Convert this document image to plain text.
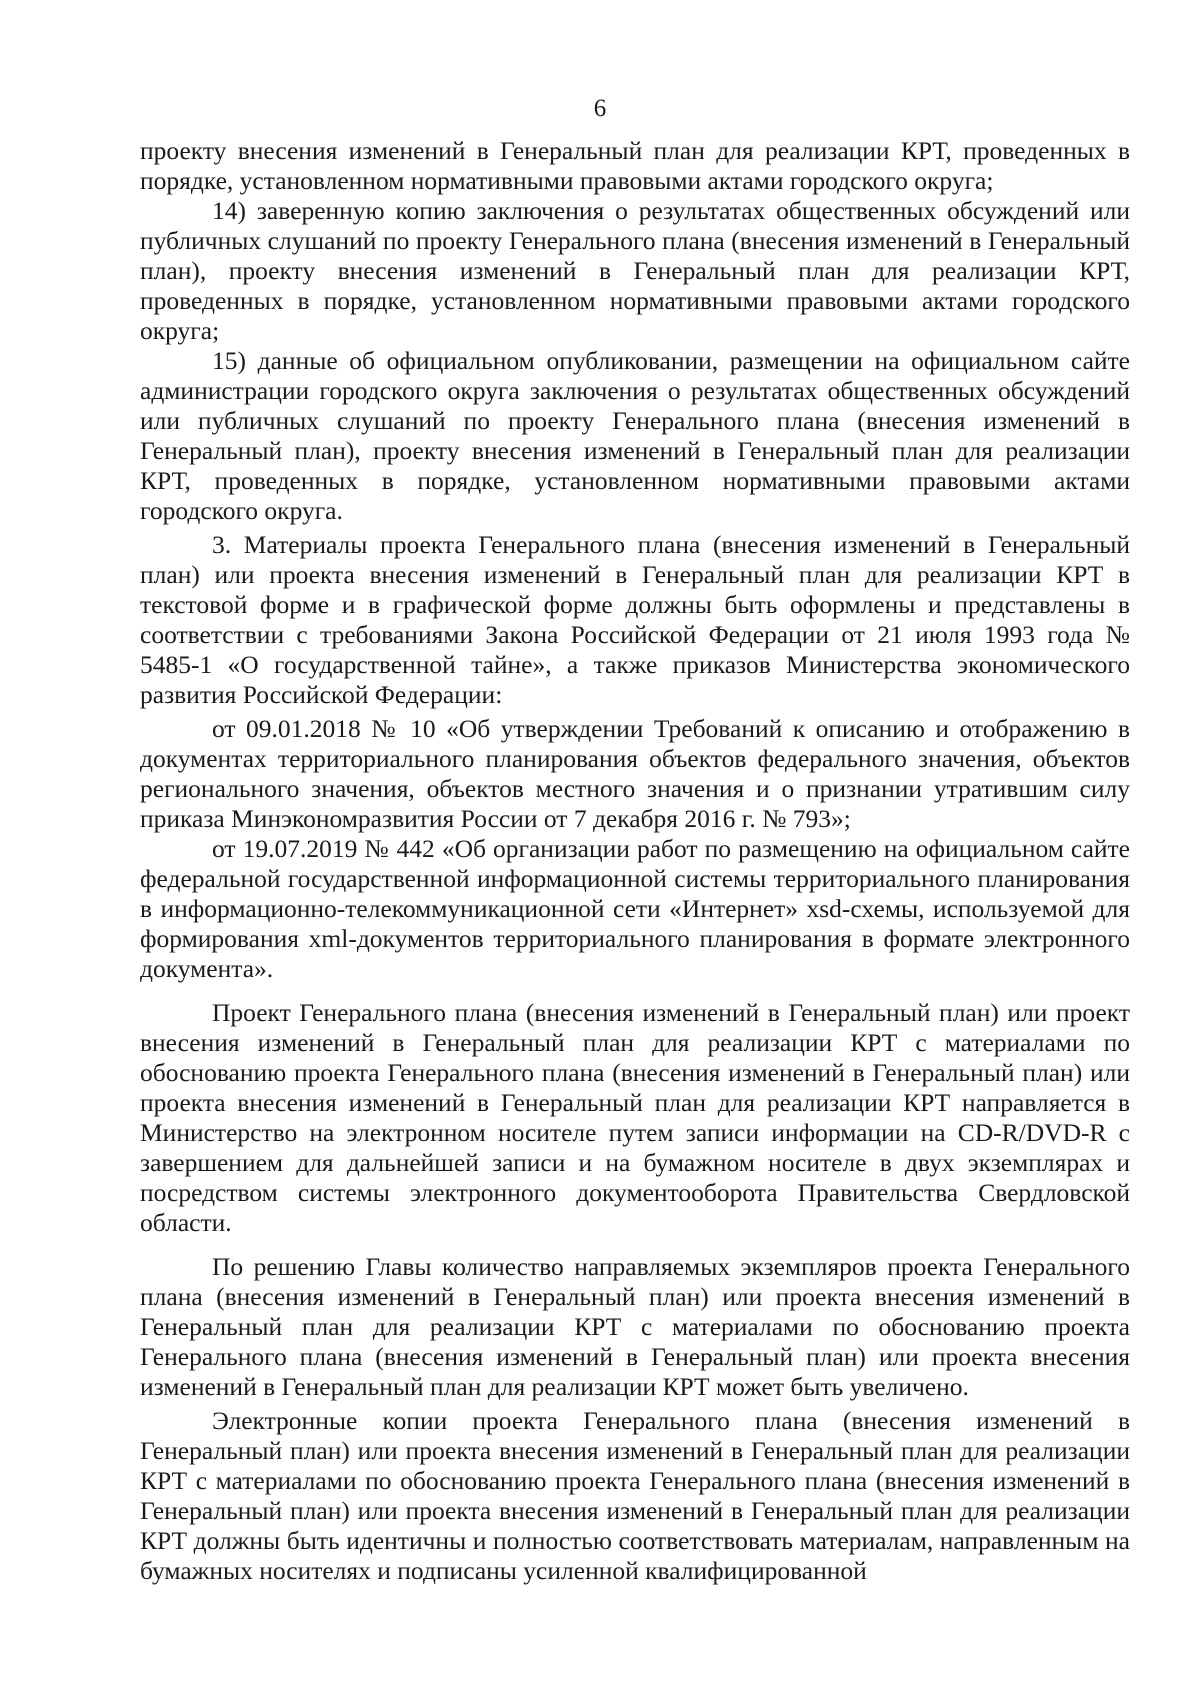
6

проекту внесения изменений в Генеральный план для реализации КРТ, проведенных в порядке, установленном нормативными правовыми актами городского округа;

14) заверенную копию заключения о результатах общественных обсуждений или публичных слушаний по проекту Генерального плана (внесения изменений в Генеральный план), проекту внесения изменений в Генеральный план для реализации КРТ, проведенных в порядке, установленном нормативными правовыми актами городского округа;

15) данные об официальном опубликовании, размещении на официальном сайте администрации городского округа заключения о результатах общественных обсуждений или публичных слушаний по проекту Генерального плана (внесения изменений в Генеральный план), проекту внесения изменений в Генеральный план для реализации КРТ, проведенных в порядке, установленном нормативными правовыми актами городского округа.

3. Материалы проекта Генерального плана (внесения изменений в Генеральный план) или проекта внесения изменений в Генеральный план для реализации КРТ в текстовой форме и в графической форме должны быть оформлены и представлены в соответствии с требованиями Закона Российской Федерации от 21 июля 1993 года № 5485-1 «О государственной тайне», а также приказов Министерства экономического развития Российской Федерации:

от 09.01.2018 № 10 «Об утверждении Требований к описанию и отображению в документах территориального планирования объектов федерального значения, объектов регионального значения, объектов местного значения и о признании утратившим силу приказа Минэкономразвития России от 7 декабря 2016 г. № 793»;

от 19.07.2019 № 442 «Об организации работ по размещению на официальном сайте федеральной государственной информационной системы территориального планирования в информационно-телекоммуникационной сети «Интернет» xsd-схемы, используемой для формирования xml-документов территориального планирования в формате электронного документа».

Проект Генерального плана (внесения изменений в Генеральный план) или проект внесения изменений в Генеральный план для реализации КРТ с материалами по обоснованию проекта Генерального плана (внесения изменений в Генеральный план) или проекта внесения изменений в Генеральный план для реализации КРТ направляется в Министерство на электронном носителе путем записи информации на CD-R/DVD-R с завершением для дальнейшей записи и на бумажном носителе в двух экземплярах и посредством системы электронного документооборота Правительства Свердловской области.

По решению Главы количество направляемых экземпляров проекта Генерального плана (внесения изменений в Генеральный план) или проекта внесения изменений в Генеральный план для реализации КРТ с материалами по обоснованию проекта Генерального плана (внесения изменений в Генеральный план) или проекта внесения изменений в Генеральный план для реализации КРТ может быть увеличено.

Электронные копии проекта Генерального плана (внесения изменений в Генеральный план) или проекта внесения изменений в Генеральный план для реализации КРТ с материалами по обоснованию проекта Генерального плана (внесения изменений в Генеральный план) или проекта внесения изменений в Генеральный план для реализации КРТ должны быть идентичны и полностью соответствовать материалам, направленным на бумажных носителях и подписаны усиленной квалифицированной
